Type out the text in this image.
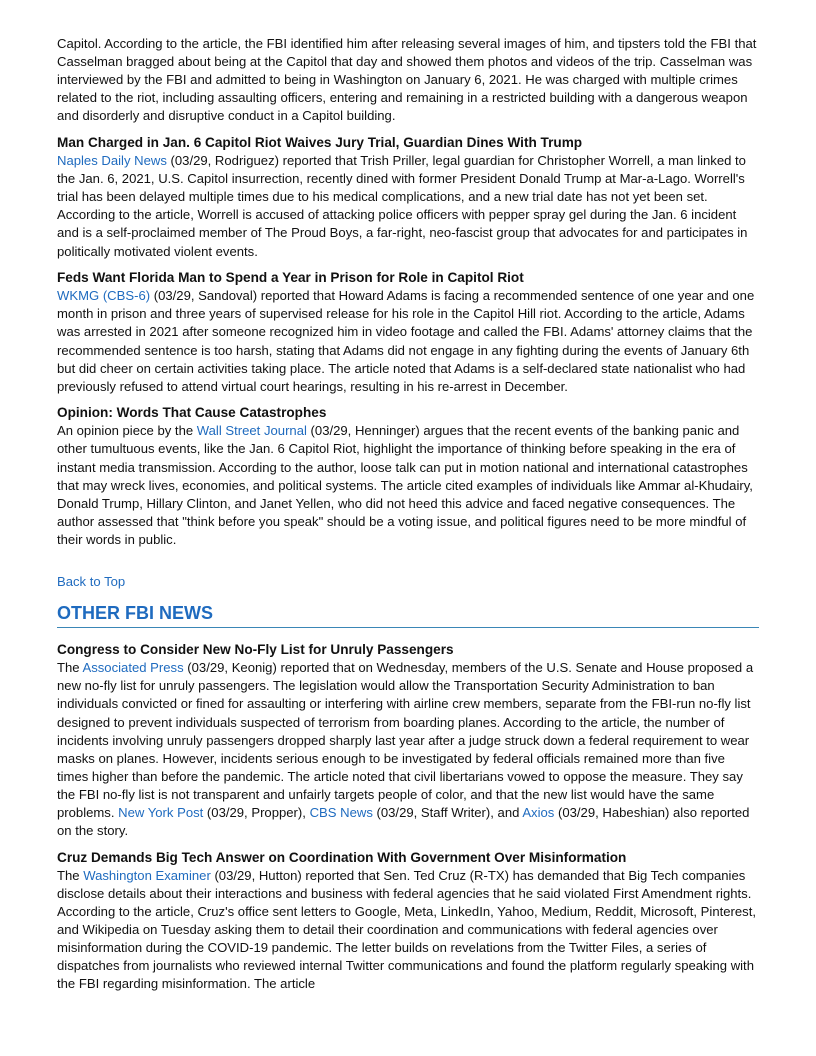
Capitol. According to the article, the FBI identified him after releasing several images of him, and tipsters told the FBI that Casselman bragged about being at the Capitol that day and showed them photos and videos of the trip. Casselman was interviewed by the FBI and admitted to being in Washington on January 6, 2021. He was charged with multiple crimes related to the riot, including assaulting officers, entering and remaining in a restricted building with a dangerous weapon and disorderly and disruptive conduct in a Capitol building.

Man Charged in Jan. 6 Capitol Riot Waives Jury Trial, Guardian Dines With Trump

Naples Daily News (03/29, Rodriguez) reported that Trish Priller, legal guardian for Christopher Worrell, a man linked to the Jan. 6, 2021, U.S. Capitol insurrection, recently dined with former President Donald Trump at Mar-a-Lago. Worrell's trial has been delayed multiple times due to his medical complications, and a new trial date has not yet been set. According to the article, Worrell is accused of attacking police officers with pepper spray gel during the Jan. 6 incident and is a self-proclaimed member of The Proud Boys, a far-right, neo-fascist group that advocates for and participates in politically motivated violent events.

Feds Want Florida Man to Spend a Year in Prison for Role in Capitol Riot

WKMG (CBS-6) (03/29, Sandoval) reported that Howard Adams is facing a recommended sentence of one year and one month in prison and three years of supervised release for his role in the Capitol Hill riot. According to the article, Adams was arrested in 2021 after someone recognized him in video footage and called the FBI. Adams' attorney claims that the recommended sentence is too harsh, stating that Adams did not engage in any fighting during the events of January 6th but did cheer on certain activities taking place. The article noted that Adams is a self-declared state nationalist who had previously refused to attend virtual court hearings, resulting in his re-arrest in December.

Opinion: Words That Cause Catastrophes

An opinion piece by the Wall Street Journal (03/29, Henninger) argues that the recent events of the banking panic and other tumultuous events, like the Jan. 6 Capitol Riot, highlight the importance of thinking before speaking in the era of instant media transmission. According to the author, loose talk can put in motion national and international catastrophes that may wreck lives, economies, and political systems. The article cited examples of individuals like Ammar al-Khudairy, Donald Trump, Hillary Clinton, and Janet Yellen, who did not heed this advice and faced negative consequences. The author assessed that "think before you speak" should be a voting issue, and political figures need to be more mindful of their words in public.

Back to Top
OTHER FBI NEWS

Congress to Consider New No-Fly List for Unruly Passengers

The Associated Press (03/29, Keonig) reported that on Wednesday, members of the U.S. Senate and House proposed a new no-fly list for unruly passengers. The legislation would allow the Transportation Security Administration to ban individuals convicted or fined for assaulting or interfering with airline crew members, separate from the FBI-run no-fly list designed to prevent individuals suspected of terrorism from boarding planes. According to the article, the number of incidents involving unruly passengers dropped sharply last year after a judge struck down a federal requirement to wear masks on planes. However, incidents serious enough to be investigated by federal officials remained more than five times higher than before the pandemic. The article noted that civil libertarians vowed to oppose the measure. They say the FBI no-fly list is not transparent and unfairly targets people of color, and that the new list would have the same problems. New York Post (03/29, Propper), CBS News (03/29, Staff Writer), and Axios (03/29, Habeshian) also reported on the story.

Cruz Demands Big Tech Answer on Coordination With Government Over Misinformation

The Washington Examiner (03/29, Hutton) reported that Sen. Ted Cruz (R-TX) has demanded that Big Tech companies disclose details about their interactions and business with federal agencies that he said violated First Amendment rights. According to the article, Cruz's office sent letters to Google, Meta, LinkedIn, Yahoo, Medium, Reddit, Microsoft, Pinterest, and Wikipedia on Tuesday asking them to detail their coordination and communications with federal agencies over misinformation during the COVID-19 pandemic. The letter builds on revelations from the Twitter Files, a series of dispatches from journalists who reviewed internal Twitter communications and found the platform regularly speaking with the FBI regarding misinformation. The article
